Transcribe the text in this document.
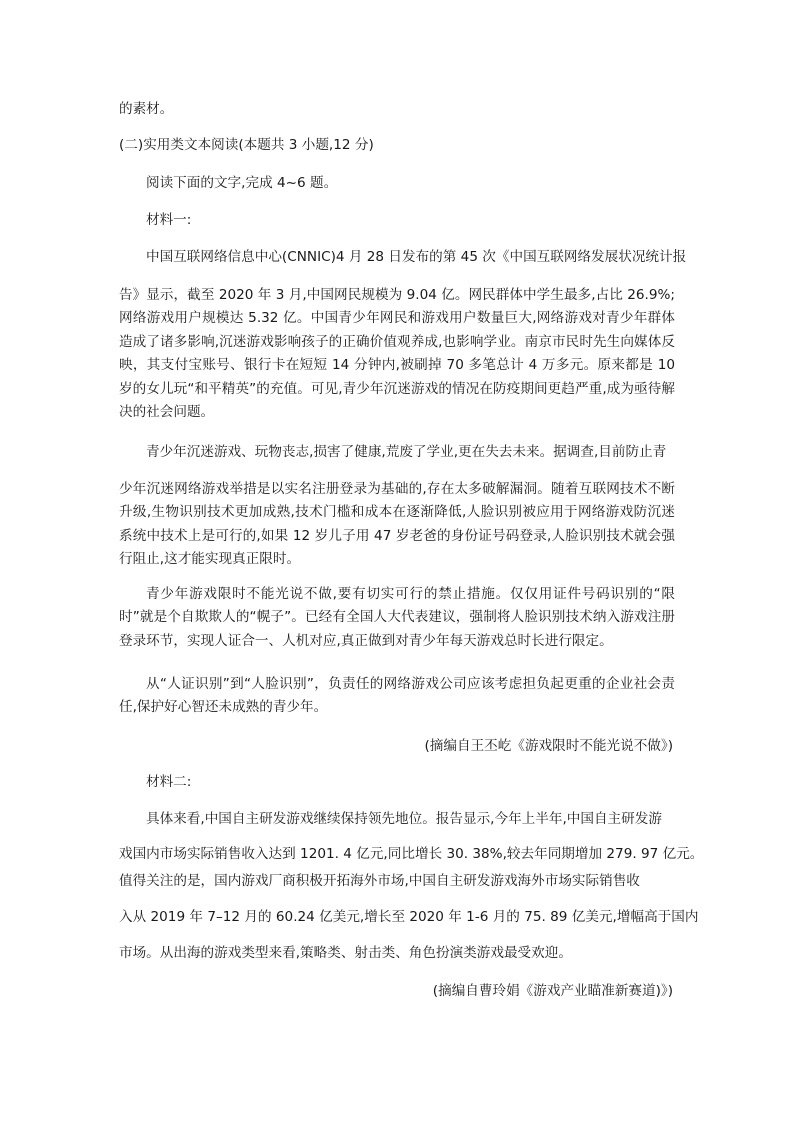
的素材。
(二)实用类文本阅读(本题共 3 小题,12 分)
阅读下面的文字,完成 4~6 题。
材料一:
中国互联网络信息中心(CNNIC)4 月 28 日发布的第 45 次《中国互联网络发展状况统计报
告》显示，截至 2020 年 3 月,中国网民规模为 9.04 亿。网民群体中学生最多,占比 26.9%;网络游戏用户规模达 5.32 亿。中国青少年网民和游戏用户数量巨大,网络游戏对青少年群体造成了诸多影响,沉迷游戏影响孩子的正确价值观养成,也影响学业。南京市民时先生向媒体反映，其支付宝账号、银行卡在短短 14 分钟内,被刷掉 70 多笔总计 4 万多元。原来都是 10 岁的女儿玩“和平精英”的充值。可见,青少年沉迷游戏的情况在防疫期间更趋严重,成为亟待解决的社会问题。
青少年沉迷游戏、玩物丧志,损害了健康,荒废了学业,更在失去未来。据调查,目前防止青
少年沉迷网络游戏举措是以实名注册登录为基础的,存在太多破解漏洞。随着互联网技术不断升级,生物识别技术更加成熟,技术门槛和成本在逐渐降低,人脸识别被应用于网络游戏防沉迷系统中技术上是可行的,如果 12 岁儿子用 47 岁老爸的身份证号码登录,人脸识别技术就会强行阻止,这才能实现真正限时。
青少年游戏限时不能光说不做,要有切实可行的禁止措施。仅仅用证件号码识别的“限时”就是个自欺欺人的“幌子”。已经有全国人大代表建议，强制将人脸识别技术纳入游戏注册登录环节，实现人证合一、人机对应,真正做到对青少年每天游戏总时长进行限定。
从“人证识别”到“人脸识别”，负责任的网络游戏公司应该考虑担负起更重的企业社会责任,保护好心智还未成熟的青少年。
(摘编自王丕屹《游戏限时不能光说不做》)
材料二:
具体来看,中国自主研发游戏继续保持领先地位。报告显示,今年上半年,中国自主研发游
戏国内市场实际销售收入达到 1201. 4 亿元,同比增长 30. 38%,较去年同期增加 279. 97 亿元。
值得关注的是，国内游戏厂商积极开拓海外市场,中国自主研发游戏海外市场实际销售收
入从 2019 年 7–12 月的 60.24 亿美元,增长至 2020 年 1-6 月的 75. 89 亿美元,增幅高于国内
市场。从出海的游戏类型来看,策略类、射击类、角色扮演类游戏最受欢迎。
(摘编自曹玲娟《游戏产业瞄准新赛道)》)
